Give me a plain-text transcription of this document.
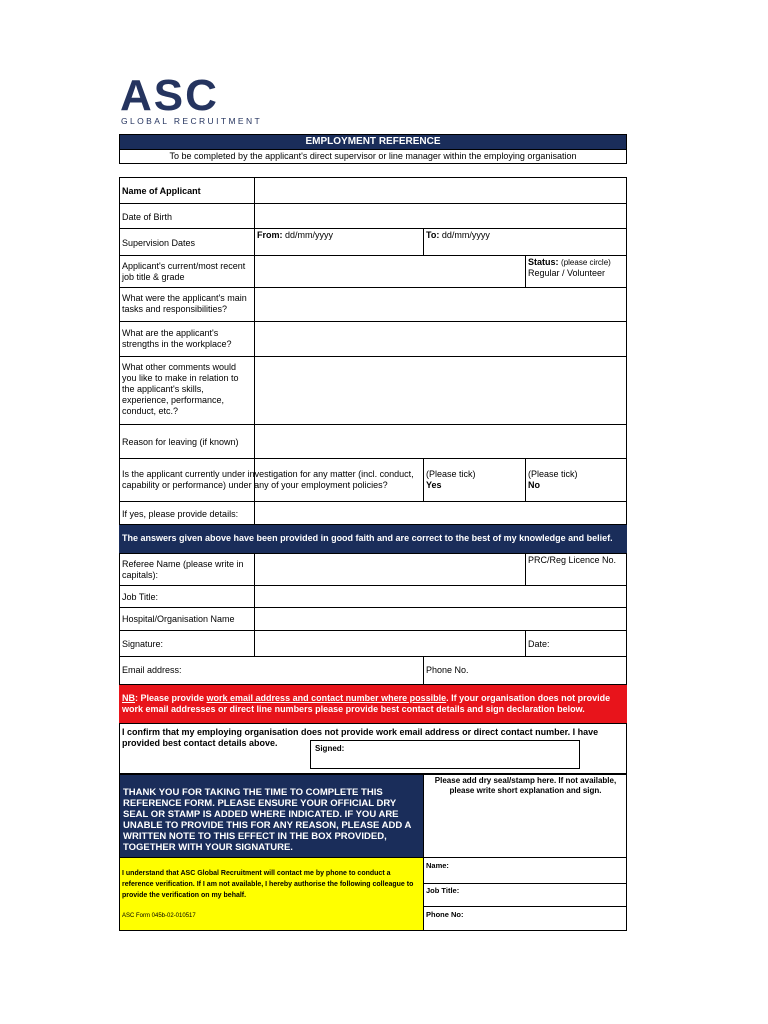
ASC
GLOBAL RECRUITMENT
EMPLOYMENT REFERENCE
To be completed by the applicant's direct supervisor or line manager within the employing organisation
Name of Applicant
Date of Birth
Supervision Dates
From: dd/mm/yyyy	To: dd/mm/yyyy
Applicant's current/most recent job title & grade
Status: (please circle)
Regular / Volunteer
What were the applicant's main tasks and responsibilities?
What are the applicant's strengths in the workplace?
What other comments would you like to make in relation to the applicant's skills, experience, performance, conduct, etc.?
Reason for leaving (if known)
Is the applicant currently under investigation for any matter (incl. conduct, capability or performance) under any of your employment policies?
(Please tick)
Yes
(Please tick)
No
If yes, please provide details:
The answers given above have been provided in good faith and are correct to the best of my knowledge and belief.
Referee Name (please write in capitals):
PRC/Reg Licence No.
Job Title:
Hospital/Organisation Name
Signature:	Date:
Email address:	Phone No.
NB: Please provide work email address and contact number where possible. If your organisation does not provide work email addresses or direct line numbers please provide best contact details and sign declaration below.
I confirm that my employing organisation does not provide work email address or direct contact number. I have provided best contact details above.
Signed:
THANK YOU FOR TAKING THE TIME TO COMPLETE THIS REFERENCE FORM. PLEASE ENSURE YOUR OFFICIAL DRY SEAL OR STAMP IS ADDED WHERE INDICATED. IF YOU ARE UNABLE TO PROVIDE THIS FOR ANY REASON, PLEASE ADD A WRITTEN NOTE TO THIS EFFECT IN THE BOX PROVIDED, TOGETHER WITH YOUR SIGNATURE.
Please add dry seal/stamp here. If not available, please write short explanation and sign.
I understand that ASC Global Recruitment will contact me by phone to conduct a reference verification. If I am not available, I hereby authorise the following colleague to provide the verification on my behalf.
ASC Form 045b-02-010517
Name:
Job Title:
Phone No:
